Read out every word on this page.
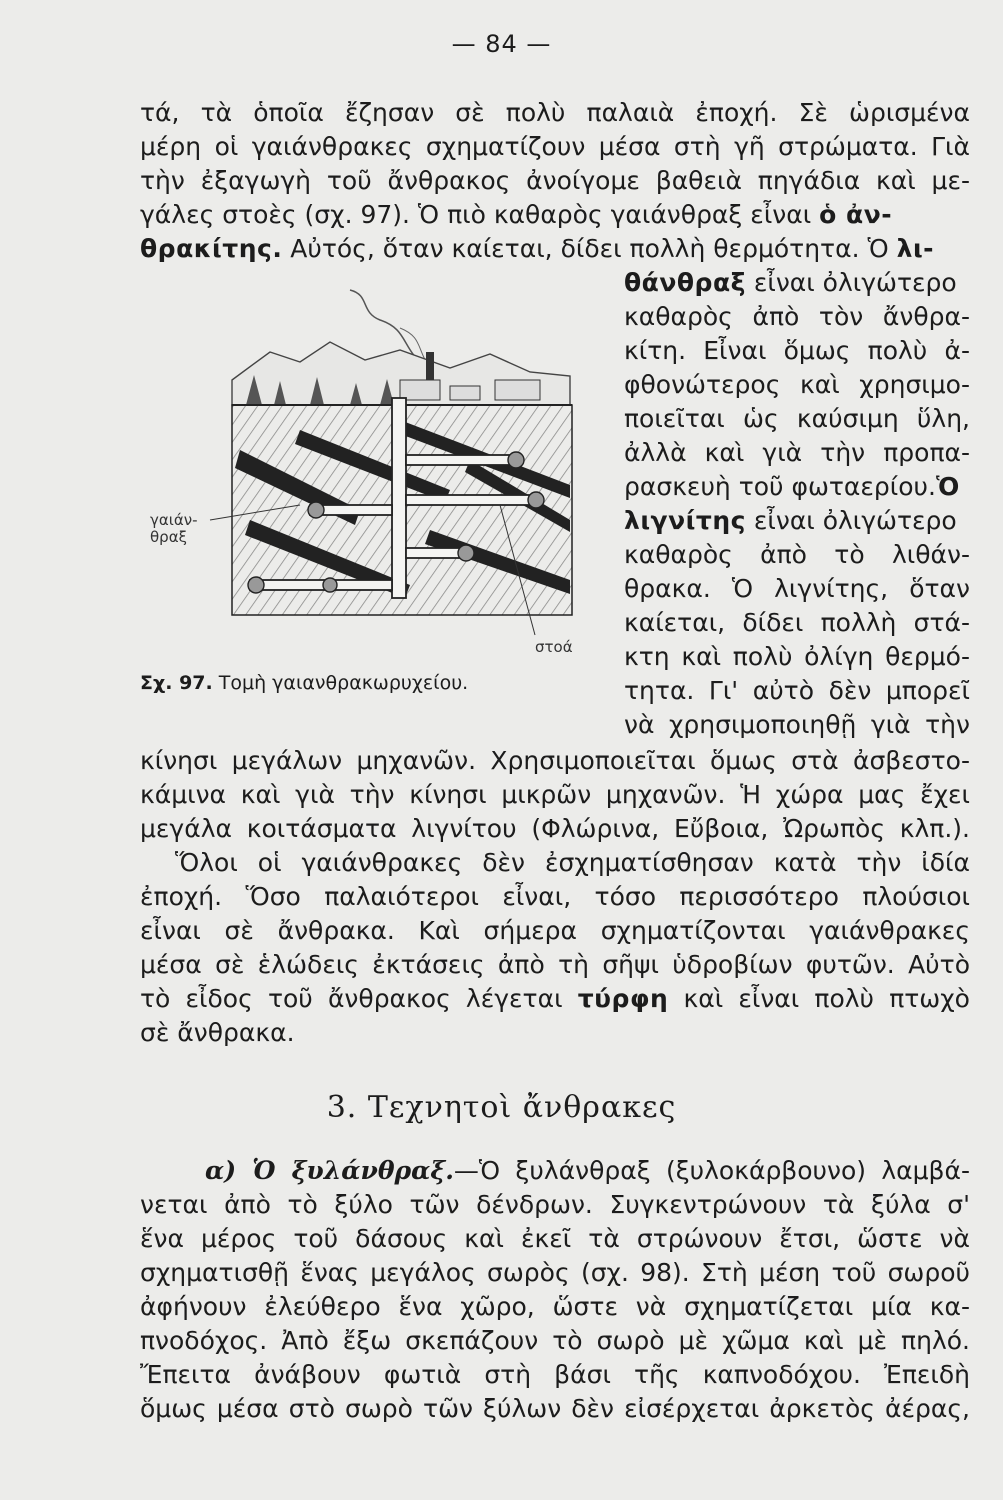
— 84 —
τά, τὰ ὁποῖα ἔζησαν σὲ πολὺ παλαιὰ ἐποχή. Σὲ ὡρισμένα
μέρη οἱ γαιάνθρακες σχηματίζουν μέσα στὴ γῆ στρώματα. Γιὰ
τὴν ἐξαγωγὴ τοῦ ἄνθρακος ἀνοίγομε βαθειὰ πηγάδια καὶ με-
γάλες στοὲς (σχ. 97). Ὁ πιὸ καθαρὸς γαιάνθραξ εἶναι ὁ ἀν-
θρακίτης. Αὐτός, ὅταν καίεται, δίδει πολλὴ θερμότητα. Ὁ λι-
θάνθραξ εἶναι ὀλιγώτερο
καθαρὸς ἀπὸ τὸν ἄνθρα-
κίτη. Εἶναι ὅμως πολὺ ἀ-
φθονώτερος καὶ χρησιμο-
ποιεῖται ὡς καύσιμη ὕλη,
ἀλλὰ καὶ γιὰ τὴν προπα-
ρασκευὴ τοῦ φωταερίου.Ὁ
λιγνίτης εἶναι ὀλιγώτερο
καθαρὸς ἀπὸ τὸ λιθάν-
θρακα. Ὁ λιγνίτης, ὅταν
καίεται, δίδει πολλὴ στά-
κτη καὶ πολὺ ὀλίγη θερμό-
τητα. Γι' αὐτὸ δὲν μπορεῖ
νὰ χρησιμοποιηθῇ γιὰ τὴν
κίνησι μεγάλων μηχανῶν. Χρησιμοποιεῖται ὅμως στὰ ἀσβεστο-
κάμινα καὶ γιὰ τὴν κίνησι μικρῶν μηχανῶν. Ἡ χώρα μας ἔχει
μεγάλα κοιτάσματα λιγνίτου (Φλώρινα, Εὔβοια, Ὠρωπὸς κλπ.).
Ὅλοι οἱ γαιάνθρακες δὲν ἐσχηματίσθησαν κατὰ τὴν ἰδία
ἐποχή. Ὅσο παλαιότεροι εἶναι, τόσο περισσότερο πλούσιοι
εἶναι σὲ ἄνθρακα. Καὶ σήμερα σχηματίζονται γαιάνθρακες
μέσα σὲ ἑλώδεις ἐκτάσεις ἀπὸ τὴ σῆψι ὑδροβίων φυτῶν. Αὐτὸ
τὸ εἶδος τοῦ ἄνθρακος λέγεται τύρφη καὶ εἶναι πολὺ πτωχὸ
σὲ ἄνθρακα.
α) Ὁ ξυλάνθραξ.—Ὁ ξυλάνθραξ (ξυλοκάρβουνο) λαμβά-
νεται ἀπὸ τὸ ξύλο τῶν δένδρων. Συγκεντρώνουν τὰ ξύλα σ'
ἕνα μέρος τοῦ δάσους καὶ ἐκεῖ τὰ στρώνουν ἔτσι, ὥστε νὰ
σχηματισθῇ ἕνας μεγάλος σωρὸς (σχ. 98). Στὴ μέση τοῦ σωροῦ
ἀφήνουν ἐλεύθερο ἕνα χῶρο, ὥστε νὰ σχηματίζεται μία κα-
πνοδόχος. Ἀπὸ ἔξω σκεπάζουν τὸ σωρὸ μὲ χῶμα καὶ μὲ πηλό.
Ἔπειτα ἀνάβουν φωτιὰ στὴ βάσι τῆς καπνοδόχου. Ἐπειδὴ
ὅμως μέσα στὸ σωρὸ τῶν ξύλων δὲν εἰσέρχεται ἀρκετὸς ἀέρας,
γαιάν-
θραξ
στοά
Σχ. 97. Τομὴ γαιανθρακωρυχείου.
3. Τεχνητοὶ ἄνθρακες
